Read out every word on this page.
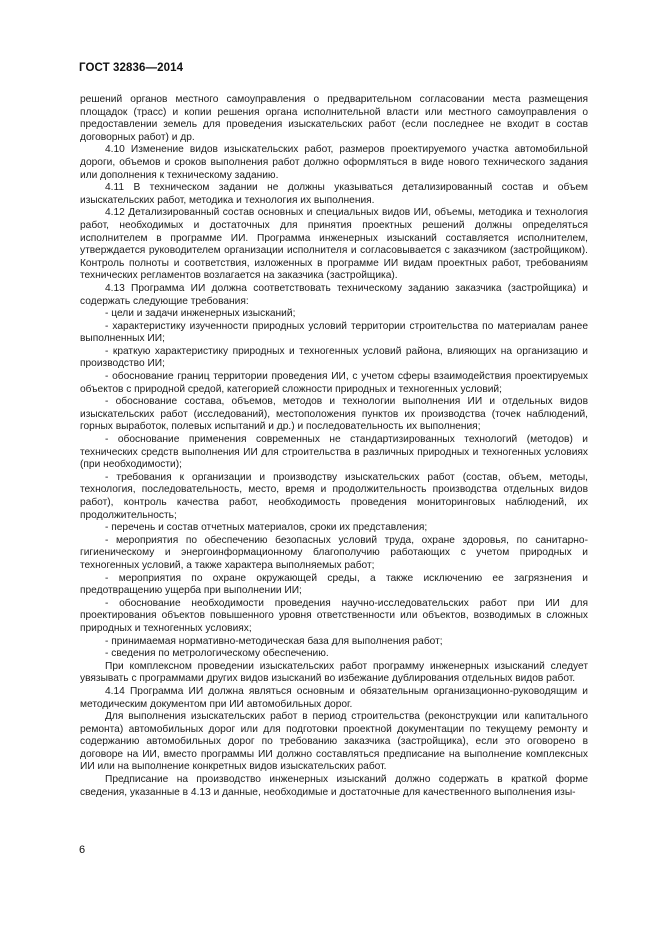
ГОСТ 32836—2014

решений органов местного самоуправления о предварительном согласовании места размещения площадок (трасс) и копии решения органа исполнительной власти или местного самоуправления о предоставлении земель для проведения изыскательских работ (если последнее не входит в состав договорных работ) и др.

4.10 Изменение видов изыскательских работ, размеров проектируемого участка автомобильной дороги, объемов и сроков выполнения работ должно оформляться в виде нового технического задания или дополнения к техническому заданию.

4.11 В техническом задании не должны указываться детализированный состав и объем изыскательских работ, методика и технология их выполнения.

4.12 Детализированный состав основных и специальных видов ИИ, объемы, методика и технология работ, необходимых и достаточных для принятия проектных решений должны определяться исполнителем в программе ИИ. Программа инженерных изысканий составляется исполнителем, утверждается руководителем организации исполнителя и согласовывается с заказчиком (застройщиком). Контроль полноты и соответствия, изложенных в программе ИИ видам проектных работ, требованиям технических регламентов возлагается на заказчика (застройщика).

4.13 Программа ИИ должна соответствовать техническому заданию заказчика (застройщика) и содержать следующие требования:

- цели и задачи инженерных изысканий;

- характеристику изученности природных условий территории строительства по материалам ранее выполненных ИИ;

- краткую характеристику природных и техногенных условий района, влияющих на организацию и производство ИИ;

- обоснование границ территории проведения ИИ, с учетом сферы взаимодействия проектируемых объектов с природной средой, категорией сложности природных и техногенных условий;

- обоснование состава, объемов, методов и технологии выполнения ИИ и отдельных видов изыскательских работ (исследований), местоположения пунктов их производства (точек наблюдений, горных выработок, полевых испытаний и др.) и последовательность их выполнения;

- обоснование применения современных не стандартизированных технологий (методов) и технических средств выполнения ИИ для строительства в различных природных и техногенных условиях (при необходимости);

- требования к организации и производству изыскательских работ (состав, объем, методы, технология, последовательность, место, время и продолжительность производства отдельных видов работ), контроль качества работ, необходимость проведения мониторинговых наблюдений, их продолжительность;

- перечень и состав отчетных материалов, сроки их представления;

- мероприятия по обеспечению безопасных условий труда, охране здоровья, по санитарно-гигиеническому и энергоинформационному благополучию работающих с учетом природных и техногенных условий, а также характера выполняемых работ;

- мероприятия по охране окружающей среды, а также исключению ее загрязнения и предотвращению ущерба при выполнении ИИ;

- обоснование необходимости проведения научно-исследовательских работ при ИИ для проектирования объектов повышенного уровня ответственности или объектов, возводимых в сложных природных и техногенных условиях;

- принимаемая нормативно-методическая база для выполнения работ;

- сведения по метрологическому обеспечению.

При комплексном проведении изыскательских работ программу инженерных изысканий следует увязывать с программами других видов изысканий во избежание дублирования отдельных видов работ.

4.14 Программа ИИ должна являться основным и обязательным организационно-руководящим и методическим документом при ИИ автомобильных дорог.

Для выполнения изыскательских работ в период строительства (реконструкции или капитального ремонта) автомобильных дорог или для подготовки проектной документации по текущему ремонту и содержанию автомобильных дорог по требованию заказчика (застройщика), если это оговорено в договоре на ИИ, вместо программы ИИ должно составляться предписание на выполнение комплексных ИИ или на выполнение конкретных видов изыскательских работ.

Предписание на производство инженерных изысканий должно содержать в краткой форме сведения, указанные в 4.13 и данные, необходимые и достаточные для качественного выполнения изы-

6
